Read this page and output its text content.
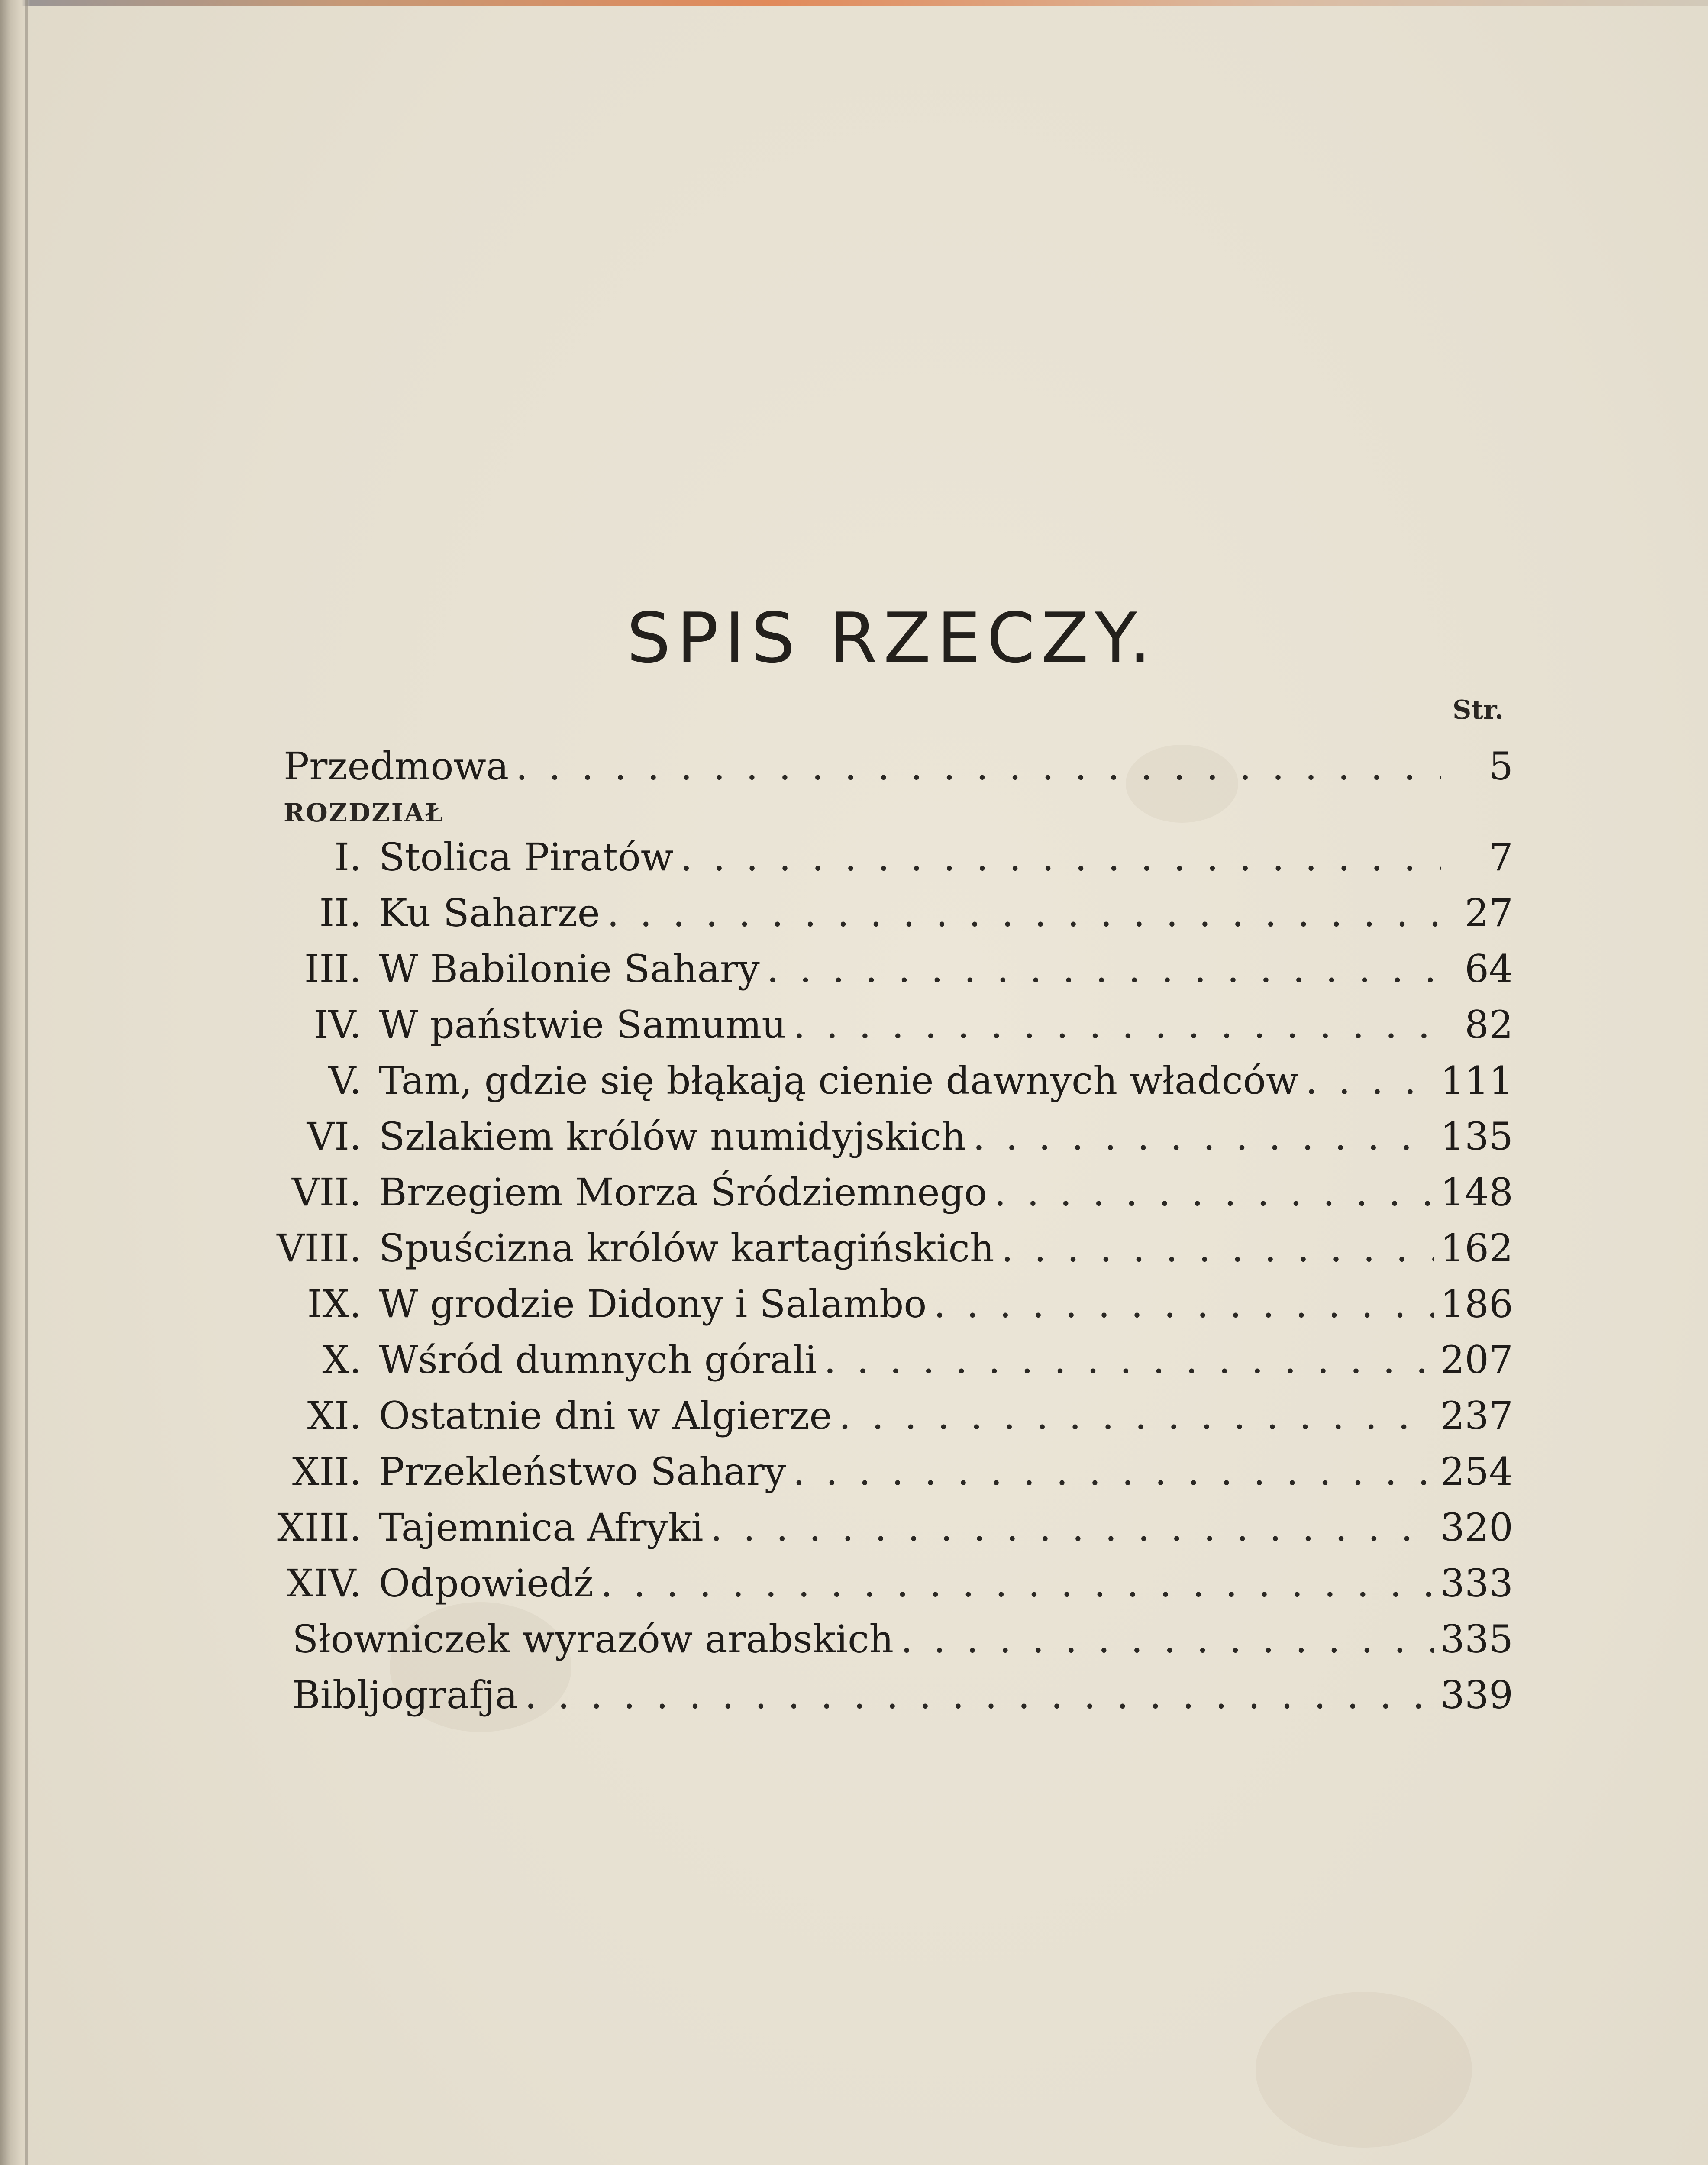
SPIS RZECZY.
Str.
ROZDZIAŁ
Przedmowa . . .	5
I. Stolica Piratów . . .	7
II. Ku Saharze . . .	27
III. W Babilonie Sahary . . .	64
IV. W państwie Samumu . . .	82
V. Tam, gdzie się błąkają cienie dawnych władców . . .	111
VI. Szlakiem królów numidyjskich . . .	135
VII. Brzegiem Morza Śródziemnego . . .	148
VIII. Spuścizna królów kartagińskich . . .	162
IX. W grodzie Didony i Salambo . . .	186
X. Wśród dumnych górali . . .	207
XI. Ostatnie dni w Algierze . . .	237
XII. Przekleństwo Sahary . . .	254
XIII. Tajemnica Afryki . . .	320
XIV. Odpowiedź . . .	333
Słowniczek wyrazów arabskich . . .	335
Bibljografja . . .	339
